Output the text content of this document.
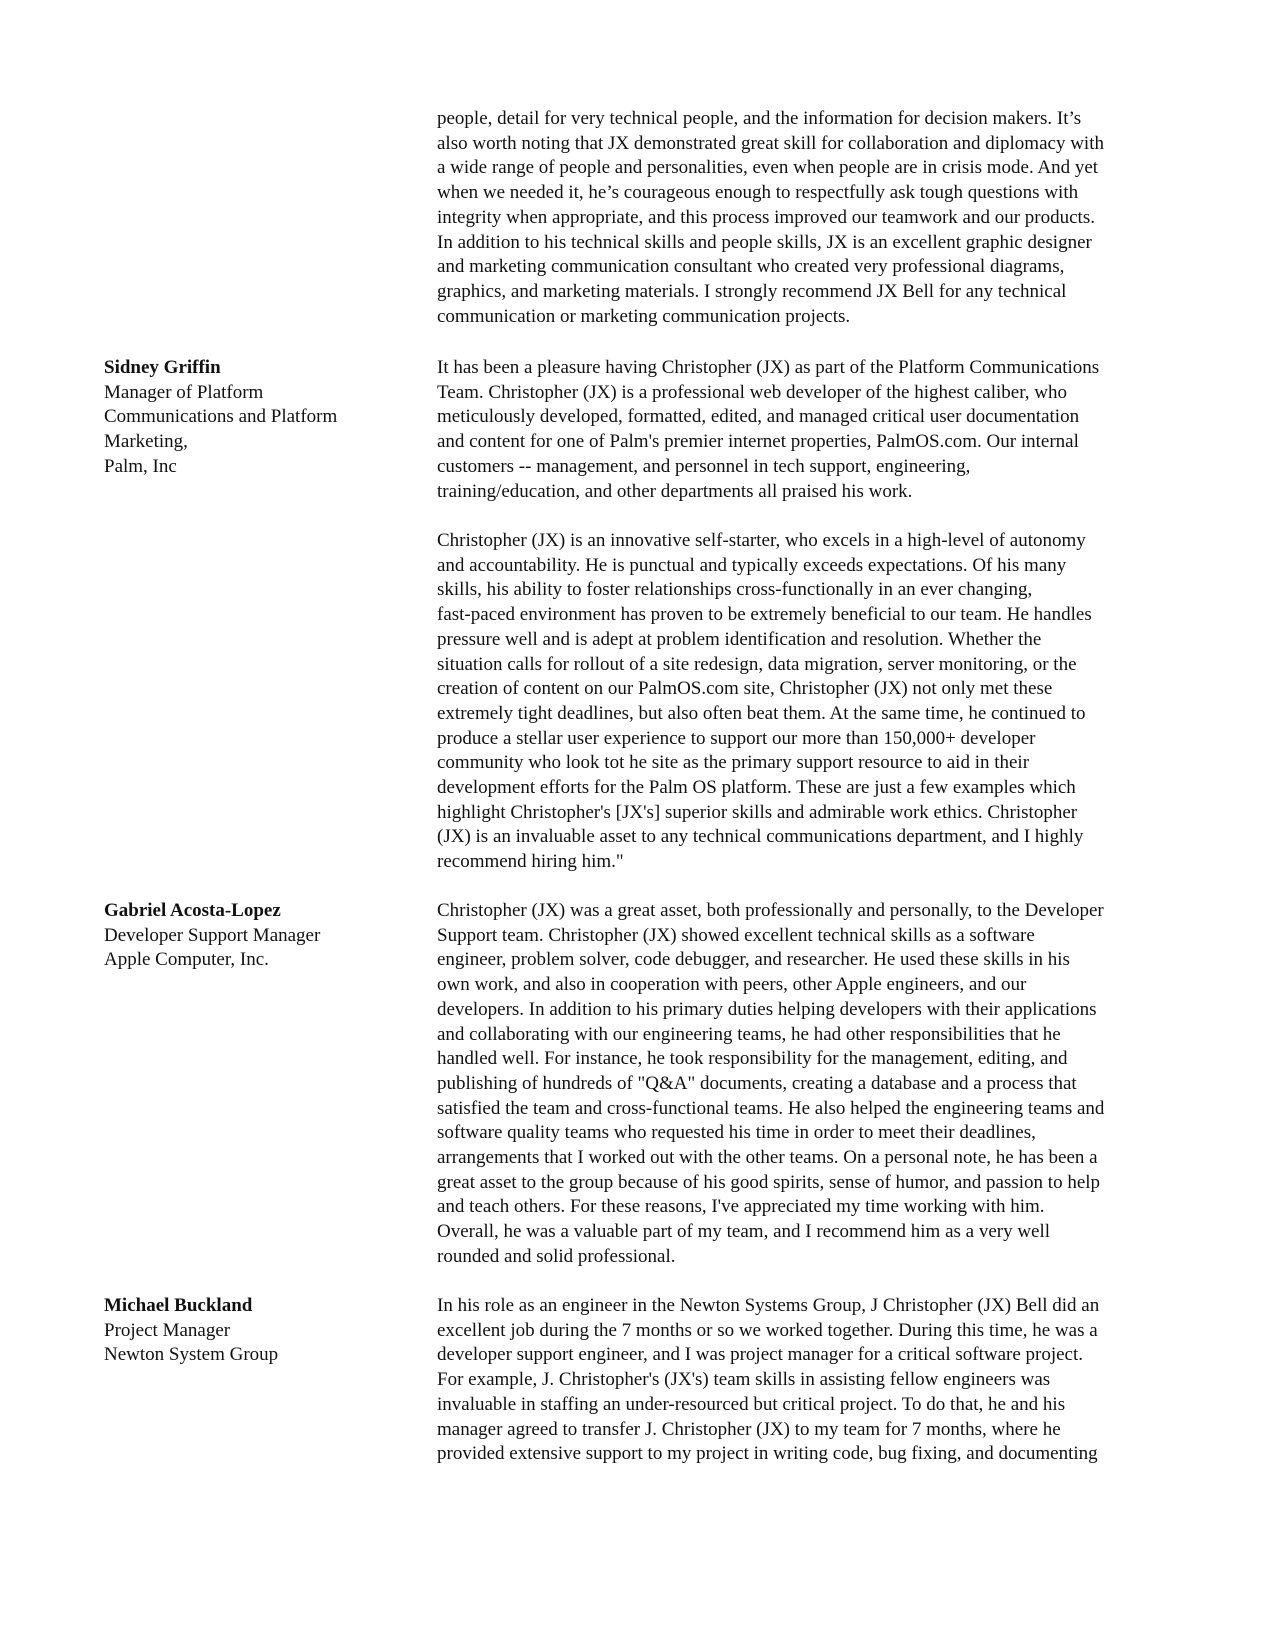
people, detail for very technical people, and the information for decision makers. It’s
also worth noting that JX demonstrated great skill for collaboration and diplomacy with
a wide range of people and personalities, even when people are in crisis mode. And yet
when we needed it, he’s courageous enough to respectfully ask tough questions with
integrity when appropriate, and this process improved our teamwork and our products.
In addition to his technical skills and people skills, JX is an excellent graphic designer
and marketing communication consultant who created very professional diagrams,
graphics, and marketing materials. I strongly recommend JX Bell for any technical
communication or marketing communication projects.
Sidney Griffin
Manager of Platform
Communications and Platform
Marketing,
Palm, Inc
It has been a pleasure having Christopher (JX) as part of the Platform Communications
Team. Christopher (JX) is a professional web developer of the highest caliber, who
meticulously developed, formatted, edited, and managed critical user documentation
and content for one of Palm's premier internet properties, PalmOS.com. Our internal
customers -- management, and personnel in tech support, engineering,
training/education, and other departments all praised his work.
Christopher (JX) is an innovative self-starter, who excels in a high-level of autonomy
and accountability. He is punctual and typically exceeds expectations. Of his many
skills, his ability to foster relationships cross-functionally in an ever changing,
fast-paced environment has proven to be extremely beneficial to our team. He handles
pressure well and is adept at problem identification and resolution. Whether the
situation calls for rollout of a site redesign, data migration, server monitoring, or the
creation of content on our PalmOS.com site, Christopher (JX) not only met these
extremely tight deadlines, but also often beat them. At the same time, he continued to
produce a stellar user experience to support our more than 150,000+ developer
community who look tot he site as the primary support resource to aid in their
development efforts for the Palm OS platform. These are just a few examples which
highlight Christopher's [JX's] superior skills and admirable work ethics. Christopher
(JX) is an invaluable asset to any technical communications department, and I highly
recommend hiring him."
Gabriel Acosta-Lopez
Developer Support Manager
Apple Computer, Inc.
Christopher (JX) was a great asset, both professionally and personally, to the Developer
Support team. Christopher (JX) showed excellent technical skills as a software
engineer, problem solver, code debugger, and researcher. He used these skills in his
own work, and also in cooperation with peers, other Apple engineers, and our
developers. In addition to his primary duties helping developers with their applications
and collaborating with our engineering teams, he had other responsibilities that he
handled well. For instance, he took responsibility for the management, editing, and
publishing of hundreds of "Q&A" documents, creating a database and a process that
satisfied the team and cross-functional teams. He also helped the engineering teams and
software quality teams who requested his time in order to meet their deadlines,
arrangements that I worked out with the other teams. On a personal note, he has been a
great asset to the group because of his good spirits, sense of humor, and passion to help
and teach others. For these reasons, I've appreciated my time working with him.
Overall, he was a valuable part of my team, and I recommend him as a very well
rounded and solid professional.
Michael Buckland
Project Manager
Newton System Group
In his role as an engineer in the Newton Systems Group, J Christopher (JX) Bell did an
excellent job during the 7 months or so we worked together. During this time, he was a
developer support engineer, and I was project manager for a critical software project.
For example, J. Christopher's (JX's) team skills in assisting fellow engineers was
invaluable in staffing an under-resourced but critical project. To do that, he and his
manager agreed to transfer J. Christopher (JX) to my team for 7 months, where he
provided extensive support to my project in writing code, bug fixing, and documenting
